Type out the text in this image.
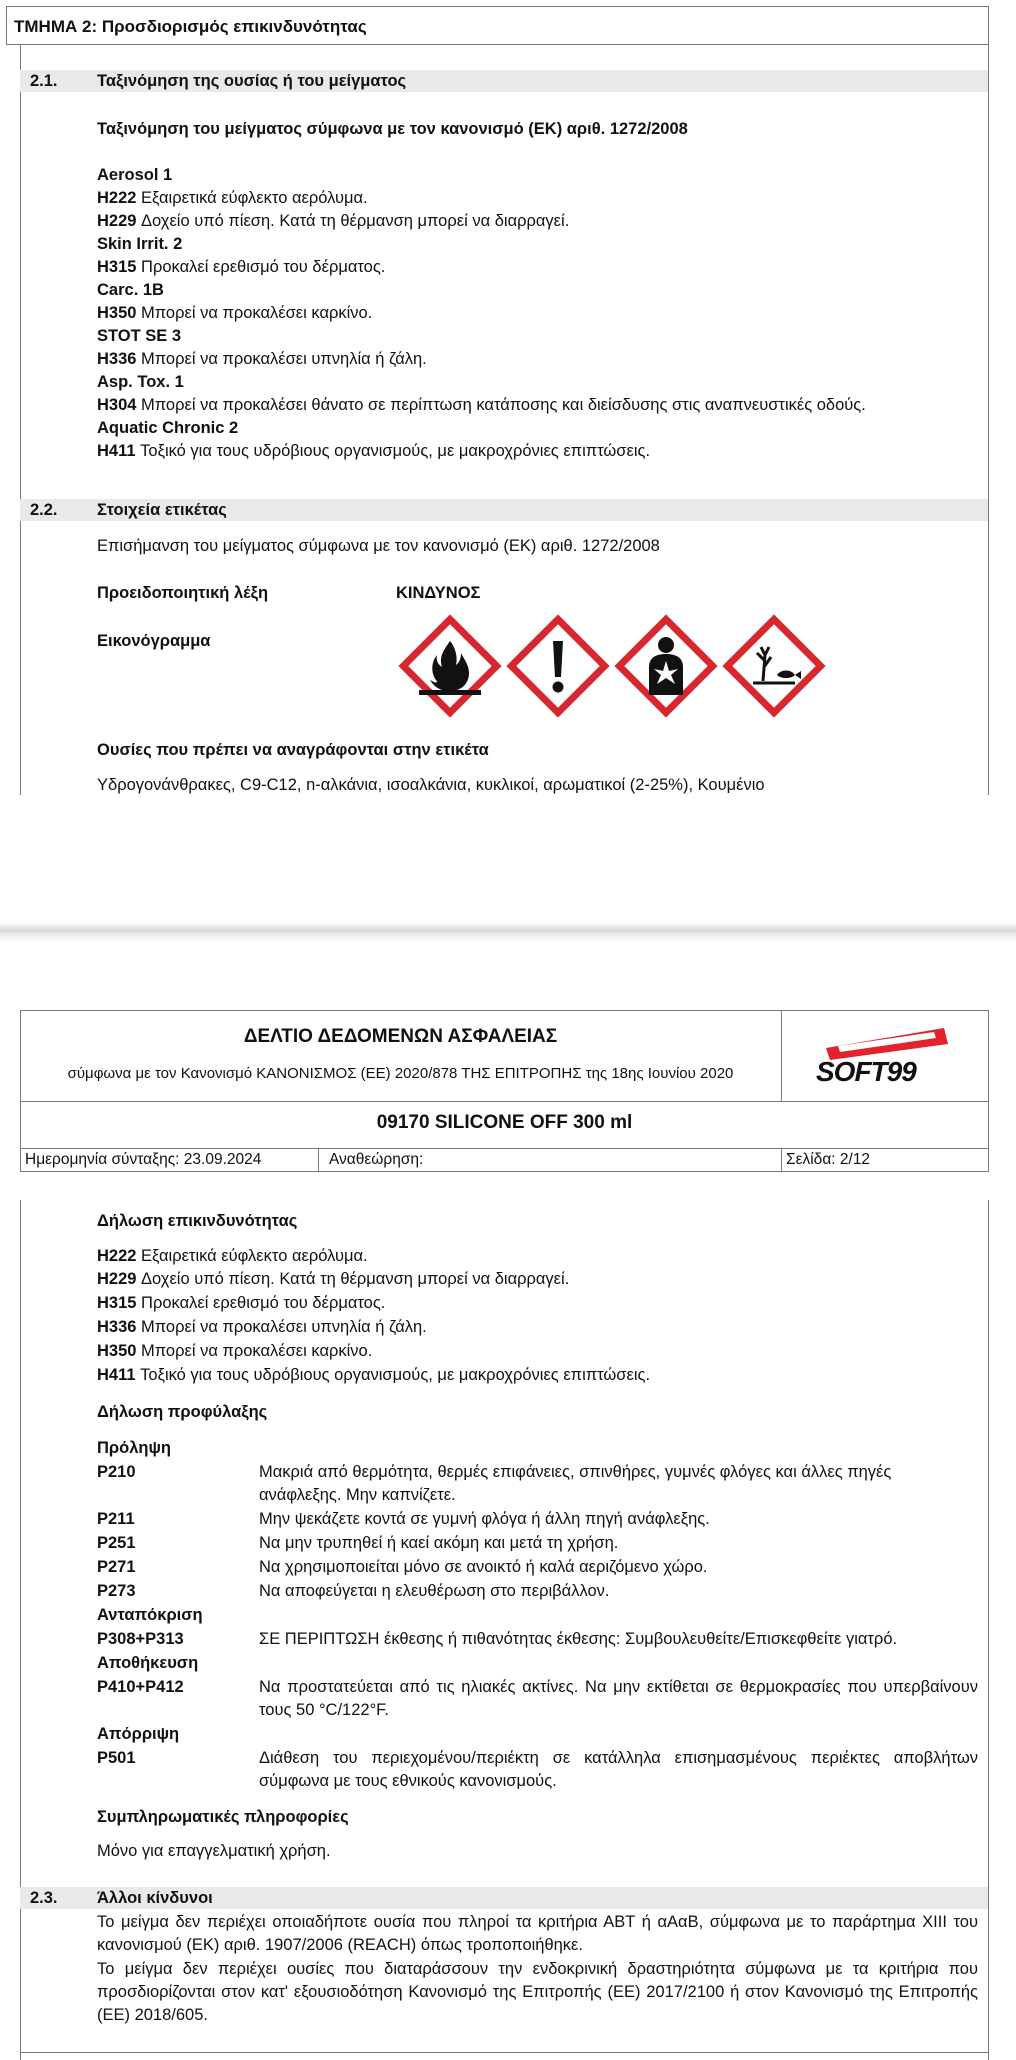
ΤΜΗΜΑ 2: Προσδιορισμός επικινδυνότητας
2.1. Ταξινόμηση της ουσίας ή του μείγματος
Ταξινόμηση του μείγματος σύμφωνα με τον κανονισμό (ΕΚ) αριθ. 1272/2008
Aerosol 1
H222 Εξαιρετικά εύφλεκτο αερόλυμα.
H229 Δοχείο υπό πίεση. Κατά τη θέρμανση μπορεί να διαρραγεί.
Skin Irrit. 2
H315 Προκαλεί ερεθισμό του δέρματος.
Carc. 1B
H350 Μπορεί να προκαλέσει καρκίνο.
STOT SE 3
H336 Μπορεί να προκαλέσει υπνηλία ή ζάλη.
Asp. Tox. 1
H304 Μπορεί να προκαλέσει θάνατο σε περίπτωση κατάποσης και διείσδυσης στις αναπνευστικές οδούς.
Aquatic Chronic 2
H411 Τοξικό για τους υδρόβιους οργανισμούς, με μακροχρόνιες επιπτώσεις.
2.2. Στοιχεία ετικέτας
Επισήμανση του μείγματος σύμφωνα με τον κανονισμό (ΕΚ) αριθ. 1272/2008
Προειδοποιητική λέξη	ΚΙΝΔΥΝΟΣ
Εικονόγραμμα
Ουσίες που πρέπει να αναγράφονται στην ετικέτα
Υδρογονάνθρακες, C9-C12, n-αλκάνια, ισοαλκάνια, κυκλικοί, αρωματικοί (2-25%), Κουμένιο
ΔΕΛΤΙΟ ΔΕΔΟΜΕΝΩΝ ΑΣΦΑΛΕΙΑΣ
σύμφωνα με τον Κανονισμό ΚΑΝΟΝΙΣΜΟΣ (ΕΕ) 2020/878 ΤΗΣ ΕΠΙΤΡΟΠΗΣ της 18ης Ιουνίου 2020	SOFT99
09170 SILICONE OFF 300 ml
Ημερομηνία σύνταξης: 23.09.2024	Αναθεώρηση:	Σελίδα: 2/12
Δήλωση επικινδυνότητας
H222 Εξαιρετικά εύφλεκτο αερόλυμα.
H229 Δοχείο υπό πίεση. Κατά τη θέρμανση μπορεί να διαρραγεί.
H315 Προκαλεί ερεθισμό του δέρματος.
H336 Μπορεί να προκαλέσει υπνηλία ή ζάλη.
H350 Μπορεί να προκαλέσει καρκίνο.
H411 Τοξικό για τους υδρόβιους οργανισμούς, με μακροχρόνιες επιπτώσεις.
Δήλωση προφύλαξης
Πρόληψη
P210	Μακριά από θερμότητα, θερμές επιφάνειες, σπινθήρες, γυμνές φλόγες και άλλες πηγές
ανάφλεξης. Μην καπνίζετε.
P211	Μην ψεκάζετε κοντά σε γυμνή φλόγα ή άλλη πηγή ανάφλεξης.
P251	Να μην τρυπηθεί ή καεί ακόμη και μετά τη χρήση.
P271	Να χρησιμοποιείται μόνο σε ανοικτό ή καλά αεριζόμενο χώρο.
P273	Να αποφεύγεται η ελευθέρωση στο περιβάλλον.
Ανταπόκριση
P308+P313	ΣΕ ΠΕΡΙΠΤΩΣΗ έκθεσης ή πιθανότητας έκθεσης: Συμβουλευθείτε/Επισκεφθείτε γιατρό.
Αποθήκευση
P410+P412	Να προστατεύεται από τις ηλιακές ακτίνες. Να μην εκτίθεται σε θερμοκρασίες που υπερβαίνουν τους 50 °C/122°F.
Απόρριψη
P501	Διάθεση του περιεχομένου/περιέκτη σε κατάλληλα επισημασμένους περιέκτες αποβλήτων σύμφωνα με τους εθνικούς κανονισμούς.
Συμπληρωματικές πληροφορίες
Μόνο για επαγγελματική χρήση.
2.3. Άλλοι κίνδυνοι
Το μείγμα δεν περιέχει οποιαδήποτε ουσία που πληροί τα κριτήρια ΑΒΤ ή αΑαΒ, σύμφωνα με το παράρτημα XIII του κανονισμού (ΕΚ) αριθ. 1907/2006 (REACH) όπως τροποποιήθηκε.
Το μείγμα δεν περιέχει ουσίες που διαταράσσουν την ενδοκρινική δραστηριότητα σύμφωνα με τα κριτήρια που προσδιορίζονται στον κατ' εξουσιοδότηση Κανονισμό της Επιτροπής (ΕΕ) 2017/2100 ή στον Κανονισμό της Επιτροπής (ΕΕ) 2018/605.
